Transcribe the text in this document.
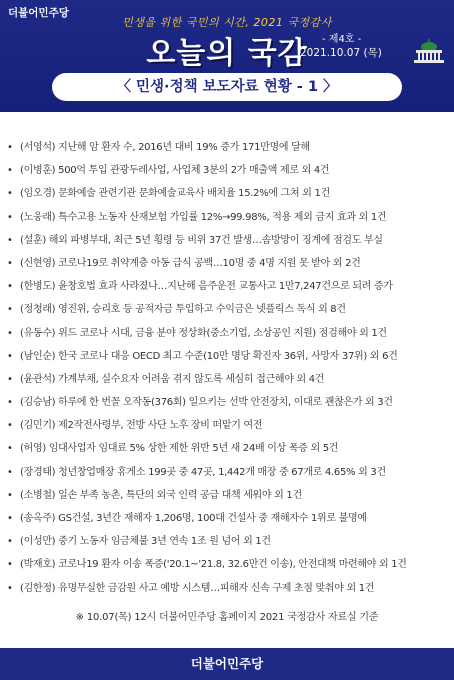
더불어민주당
민생을 위한 국민의 시간, 2021 국정감사
오늘의 국감	- 제4호 -
2021.10.07 (목)
〈 민생·정책 보도자료 현황 - 1 〉
• (서영석) 지난해 암 환자 수, 2016년 대비 19% 증가 171만명에 달해
• (이병훈) 500억 투입 관광두레사업, 사업체 3분의 2가 매출액 제로 외 4건
• (임오경) 문화예술 관련기관 문화예술교육사 배치율 15.2%에 그쳐 외 1건
• (노웅래) 특수고용 노동자 산재보험 가입률 12%→99.98%, 적용 제외 금지 효과 외 1건
• (설훈) 해외 파병부대, 최근 5년 횡령 등 비위 37건 발생…솜방망이 징계에 점검도 부실
• (신현영) 코로나19로 취약계층 아동 급식 공백…10명 중 4명 지원 못 받아 외 2건
• (한병도) 윤창호법 효과 사라졌나…지난해 음주운전 교통사고 1만7,247건으로 되려 증가
• (정청래) 영진위, 승리호 등 공적자금 투입하고 수익금은 넷플릭스 독식 외 8건
• (유동수) 위드 코로나 시대, 금융 분야 정상화(중소기업, 소상공인 지원) 점검해야 외 1건
• (남인순) 한국 코로나 대응 OECD 최고 수준(10만 명당 확진자 36위, 사망자 37위) 외 6건
• (윤관석) 가계부채, 실수요자 어려움 겪지 않도록 세심히 접근해야 외 4건
• (김승남) 하루에 한 번꼴 오작동(376회) 일으키는 선박 안전장치, 이대로 괜찮은가 외 3건
• (김민기) 제2작전사령부, 전방 사단 노후 장비 떠맡기 여전
• (허영) 임대사업자 임대료 5% 상한 제한 위반 5년 새 24배 이상 폭증 외 5건
• (장경태) 청년창업매장 휴게소 199곳 중 47곳, 1,442개 매장 중 67개로 4.65% 외 3건
• (소병철) 일손 부족 농촌, 특단의 외국 인력 공급 대책 세워야 외 1건
• (송옥주) GS건설, 3년간 재해자 1,206명, 100대 건설사 중 재해자수 1위로 불명예
• (이성만) 중기 노동자 임금체불 3년 연속 1조 원 넘어 외 1건
• (박재호) 코로나19 환자 이송 폭증('20.1~'21.8, 32.6만건 이송), 안전대책 마련해야 외 1건
• (김한정) 유명무실한 금감원 사고 예방 시스템…피해자 신속 구제 초점 맞춰야 외 1건
※ 10.07(목) 12시 더불어민주당 홈페이지 2021 국정감사 자료실 기준
더불어민주당
